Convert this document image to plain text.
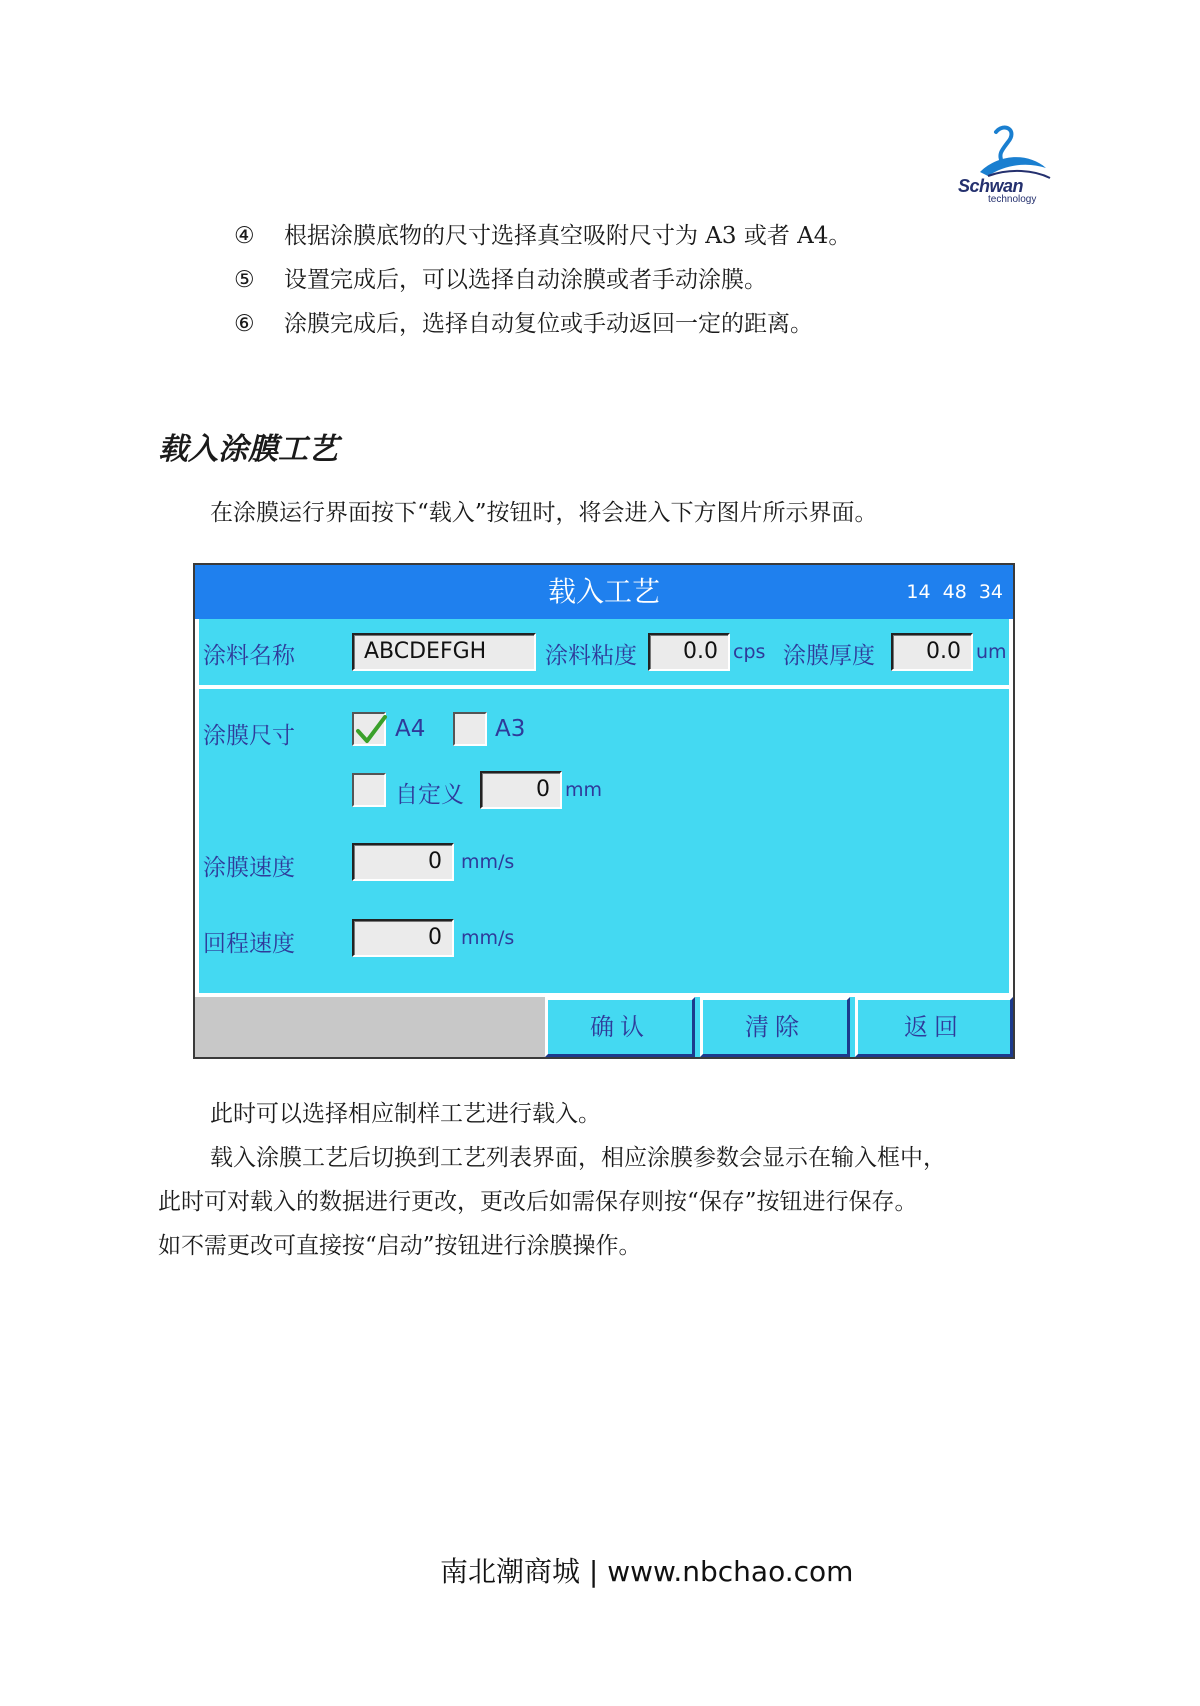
Schwan
technology
④ 根据涂膜底物的尺寸选择真空吸附尺寸为 A3 或者 A4。
⑤ 设置完成后，可以选择自动涂膜或者手动涂膜。
⑥ 涂膜完成后，选择自动复位或手动返回一定的距离。
载入涂膜工艺
在涂膜运行界面按下“载入”按钮时，将会进入下方图片所示界面。
载入工艺	14 48 34
涂料名称	ABCDEFGH	涂料粘度	0.0 cps 涂膜厚度	0.0 um
涂膜尺寸	A4	A3
自定义	0 mm
涂膜速度	0	mm/s
回程速度	0	mm/s
确认	清除	返回
此时可以选择相应制样工艺进行载入。
载入涂膜工艺后切换到工艺列表界面，相应涂膜参数会显示在输入框中，
此时可对载入的数据进行更改，更改后如需保存则按“保存”按钮进行保存。
如不需更改可直接按“启动”按钮进行涂膜操作。
南北潮商城 | www.nbchao.com
